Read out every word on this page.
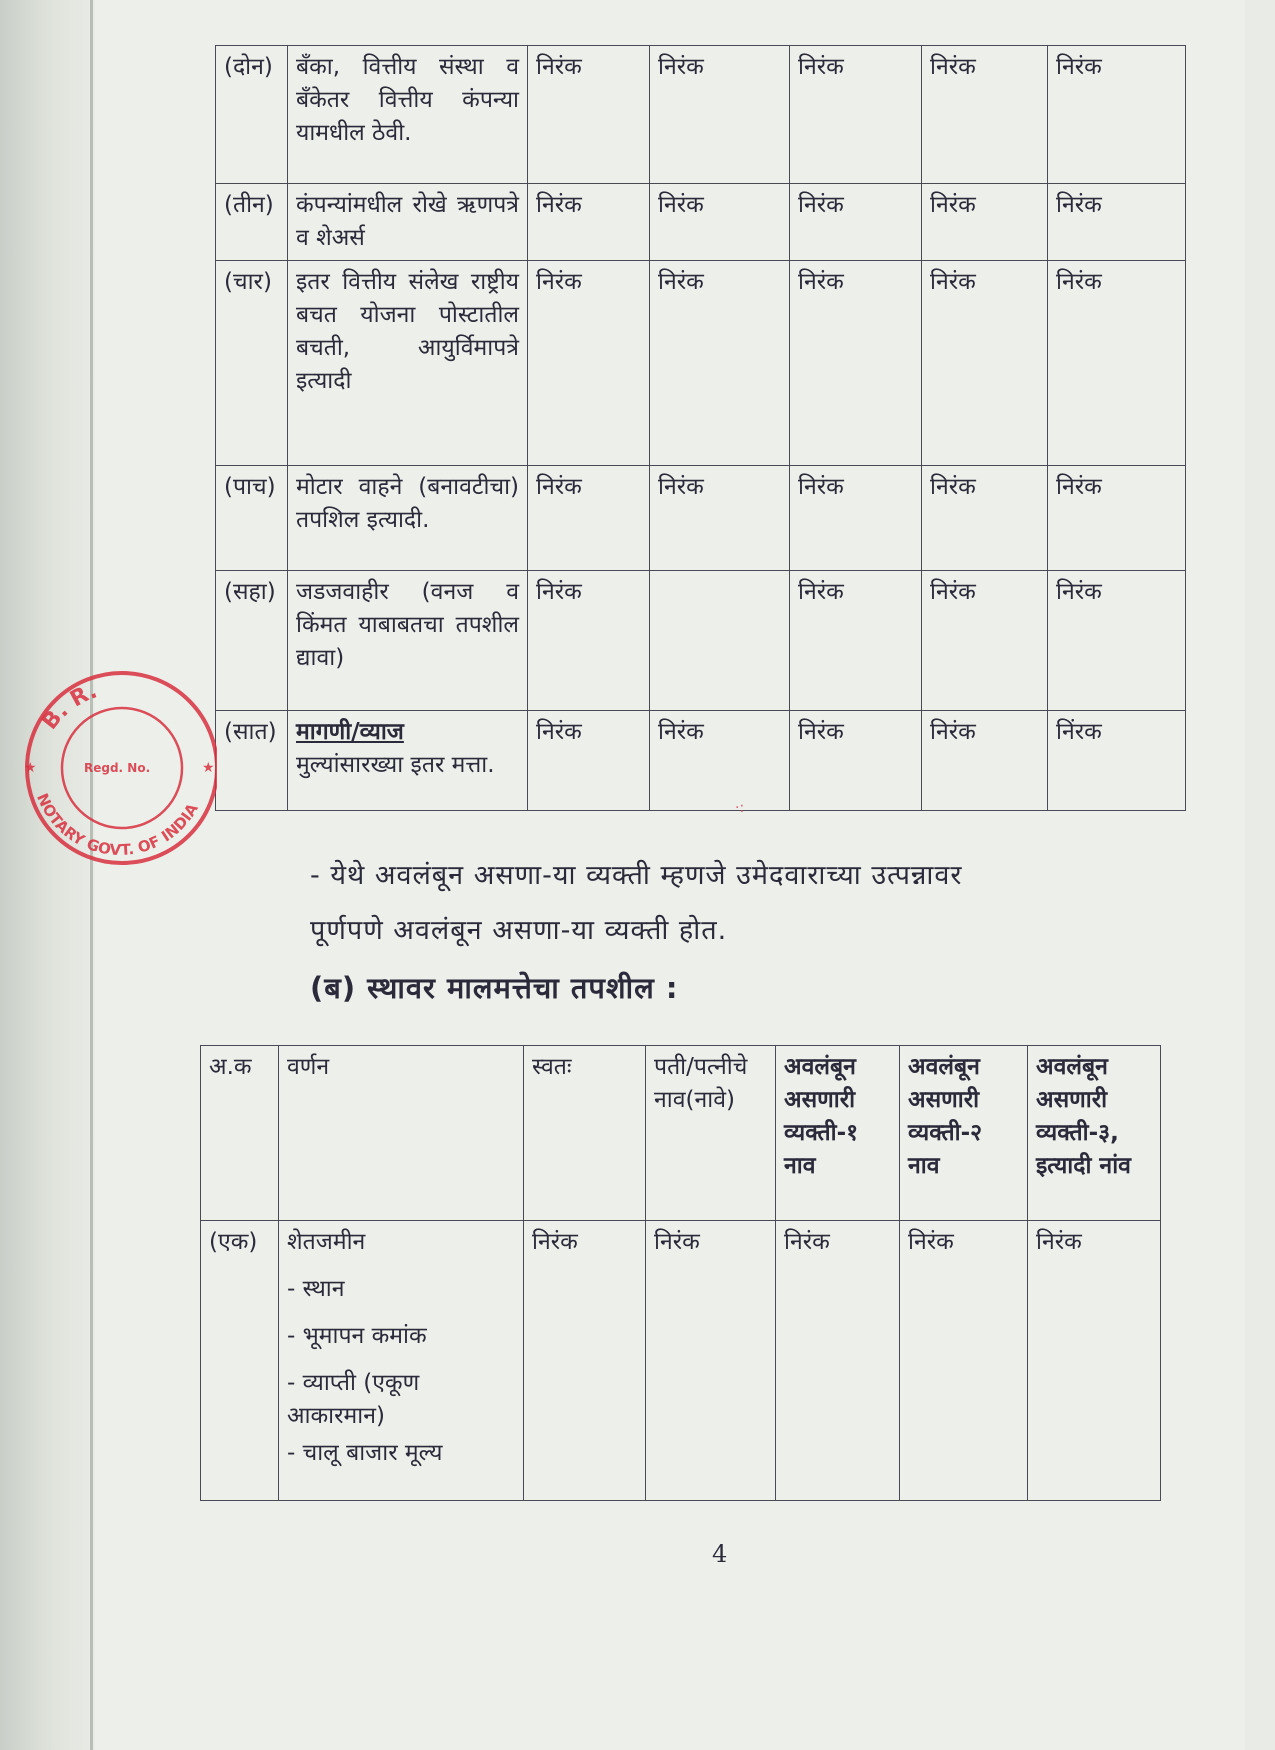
(दोन)	बँका, वित्तीय संस्था व बँकेतर वित्तीय कंपन्या यामधील ठेवी.	निरंक	निरंक	निरंक	निरंक	निरंक
(तीन)	कंपन्यांमधील रोखे ऋणपत्रे व शेअर्स	निरंक	निरंक	निरंक	निरंक	निरंक
(चार)	इतर वित्तीय संलेख राष्ट्रीय बचत योजना पोस्टातील बचती, आयुर्विमापत्रे इत्यादी	निरंक	निरंक	निरंक	निरंक	निरंक
(पाच)	मोटार वाहने (बनावटीचा) तपशिल इत्यादी.	निरंक	निरंक	निरंक	निरंक	निरंक
(सहा)	जडजवाहीर (वनज व किंमत याबाबतचा तपशील द्यावा)	निरंक		निरंक	निरंक	निरंक
(सात)	मागणी/व्याज
मुल्यांसारख्या इतर मत्ता.	निरंक	निरंक	निरंक	निरंक	निंरक
- येथे अवलंबून असणा-या व्यक्ती म्हणजे उमेदवाराच्या उत्पन्नावर
पूर्णपणे अवलंबून असणा-या व्यक्ती होत.
(ब) स्थावर मालमत्तेचा तपशील :
अ.क	वर्णन	स्वतः	पती/पत्नीचे नाव(नावे)	अवलंबून असणारी व्यक्ती-१ नाव	अवलंबून असणारी व्यक्ती-२ नाव	अवलंबून असणारी व्यक्ती-३, इत्यादी नांव
(एक)	शेतजमीन
- स्थान
- भूमापन कमांक
- व्याप्ती (एकूण आकारमान)
- चालू बाजार मूल्य	निरंक	निरंक	निरंक	निरंक	निरंक
4
B. R.
NOTARY GOVT. OF INDIA
Regd. No.
★	★
·:
